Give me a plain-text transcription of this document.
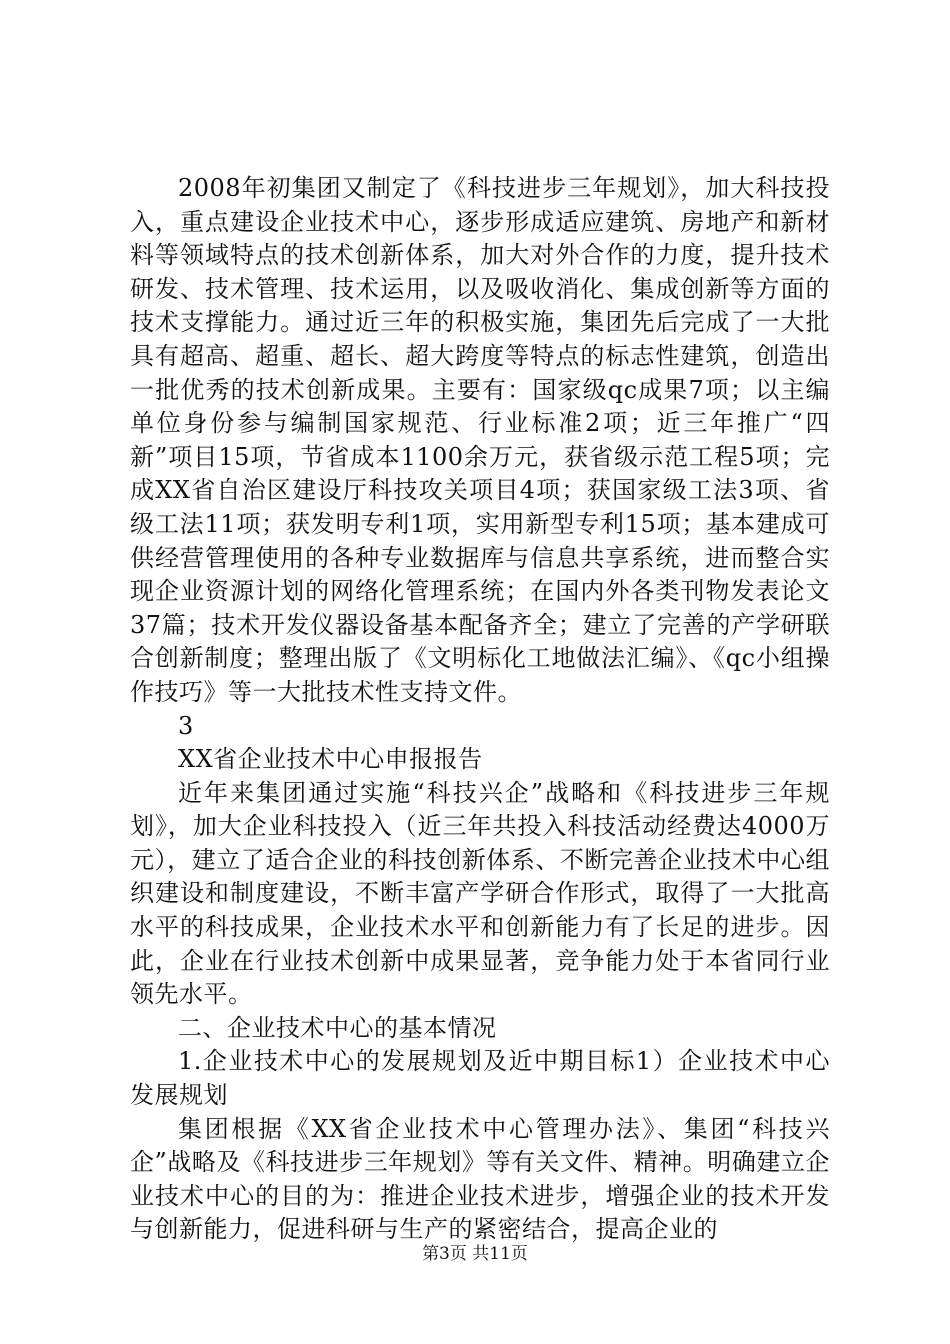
2008年初集团又制定了《科技进步三年规划》，加大科技投入，重点建设企业技术中心，逐步形成适应建筑、房地产和新材料等领域特点的技术创新体系，加大对外合作的力度，提升技术研发、技术管理、技术运用，以及吸收消化、集成创新等方面的技术支撑能力。通过近三年的积极实施，集团先后完成了一大批具有超高、超重、超长、超大跨度等特点的标志性建筑，创造出一批优秀的技术创新成果。主要有：国家级qc成果7项；以主编单位身份参与编制国家规范、行业标准2项；近三年推广“四新”项目15项，节省成本1100余万元，获省级示范工程5项；完成XX省自治区建设厅科技攻关项目4项；获国家级工法3项、省级工法11项；获发明专利1项，实用新型专利15项；基本建成可供经营管理使用的各种专业数据库与信息共享系统，进而整合实现企业资源计划的网络化管理系统；在国内外各类刊物发表论文37篇；技术开发仪器设备基本配备齐全；建立了完善的产学研联合创新制度；整理出版了《文明标化工地做法汇编》、《qc小组操作技巧》等一大批技术性支持文件。

3

XX省企业技术中心申报报告

近年来集团通过实施“科技兴企”战略和《科技进步三年规划》，加大企业科技投入（近三年共投入科技活动经费达4000万元），建立了适合企业的科技创新体系、不断完善企业技术中心组织建设和制度建设，不断丰富产学研合作形式，取得了一大批高水平的科技成果，企业技术水平和创新能力有了长足的进步。因此，企业在行业技术创新中成果显著，竞争能力处于本省同行业领先水平。

二、企业技术中心的基本情况

1.企业技术中心的发展规划及近中期目标1）企业技术中心发展规划

集团根据《XX省企业技术中心管理办法》、集团“科技兴企”战略及《科技进步三年规划》等有关文件、精神。明确建立企业技术中心的目的为：推进企业技术进步，增强企业的技术开发与创新能力，促进科研与生产的紧密结合，提高企业的

第3页 共11页
